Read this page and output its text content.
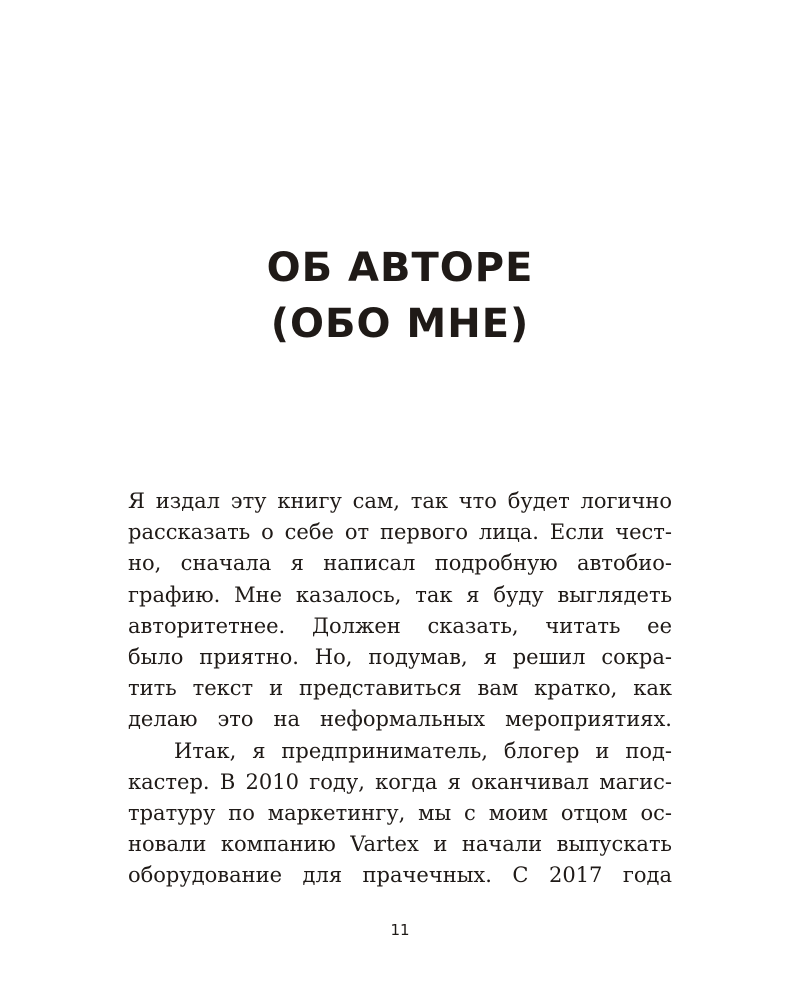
ОБ АВТОРЕ
(ОБО МНЕ)
Я издал эту книгу сам, так что будет логично
рассказать о себе от первого лица. Если чест-
но, сначала я написал подробную автобио-
графию. Мне казалось, так я буду выглядеть
авторитетнее. Должен сказать, читать ее
было приятно. Но, подумав, я решил сокра-
тить текст и представиться вам кратко, как
делаю это на неформальных мероприятиях.
Итак, я предприниматель, блогер и под-
кастер. В 2010 году, когда я оканчивал магис-
тратуру по маркетингу, мы с моим отцом ос-
новали компанию Vartex и начали выпускать
оборудование для прачечных. С 2017 года
11
